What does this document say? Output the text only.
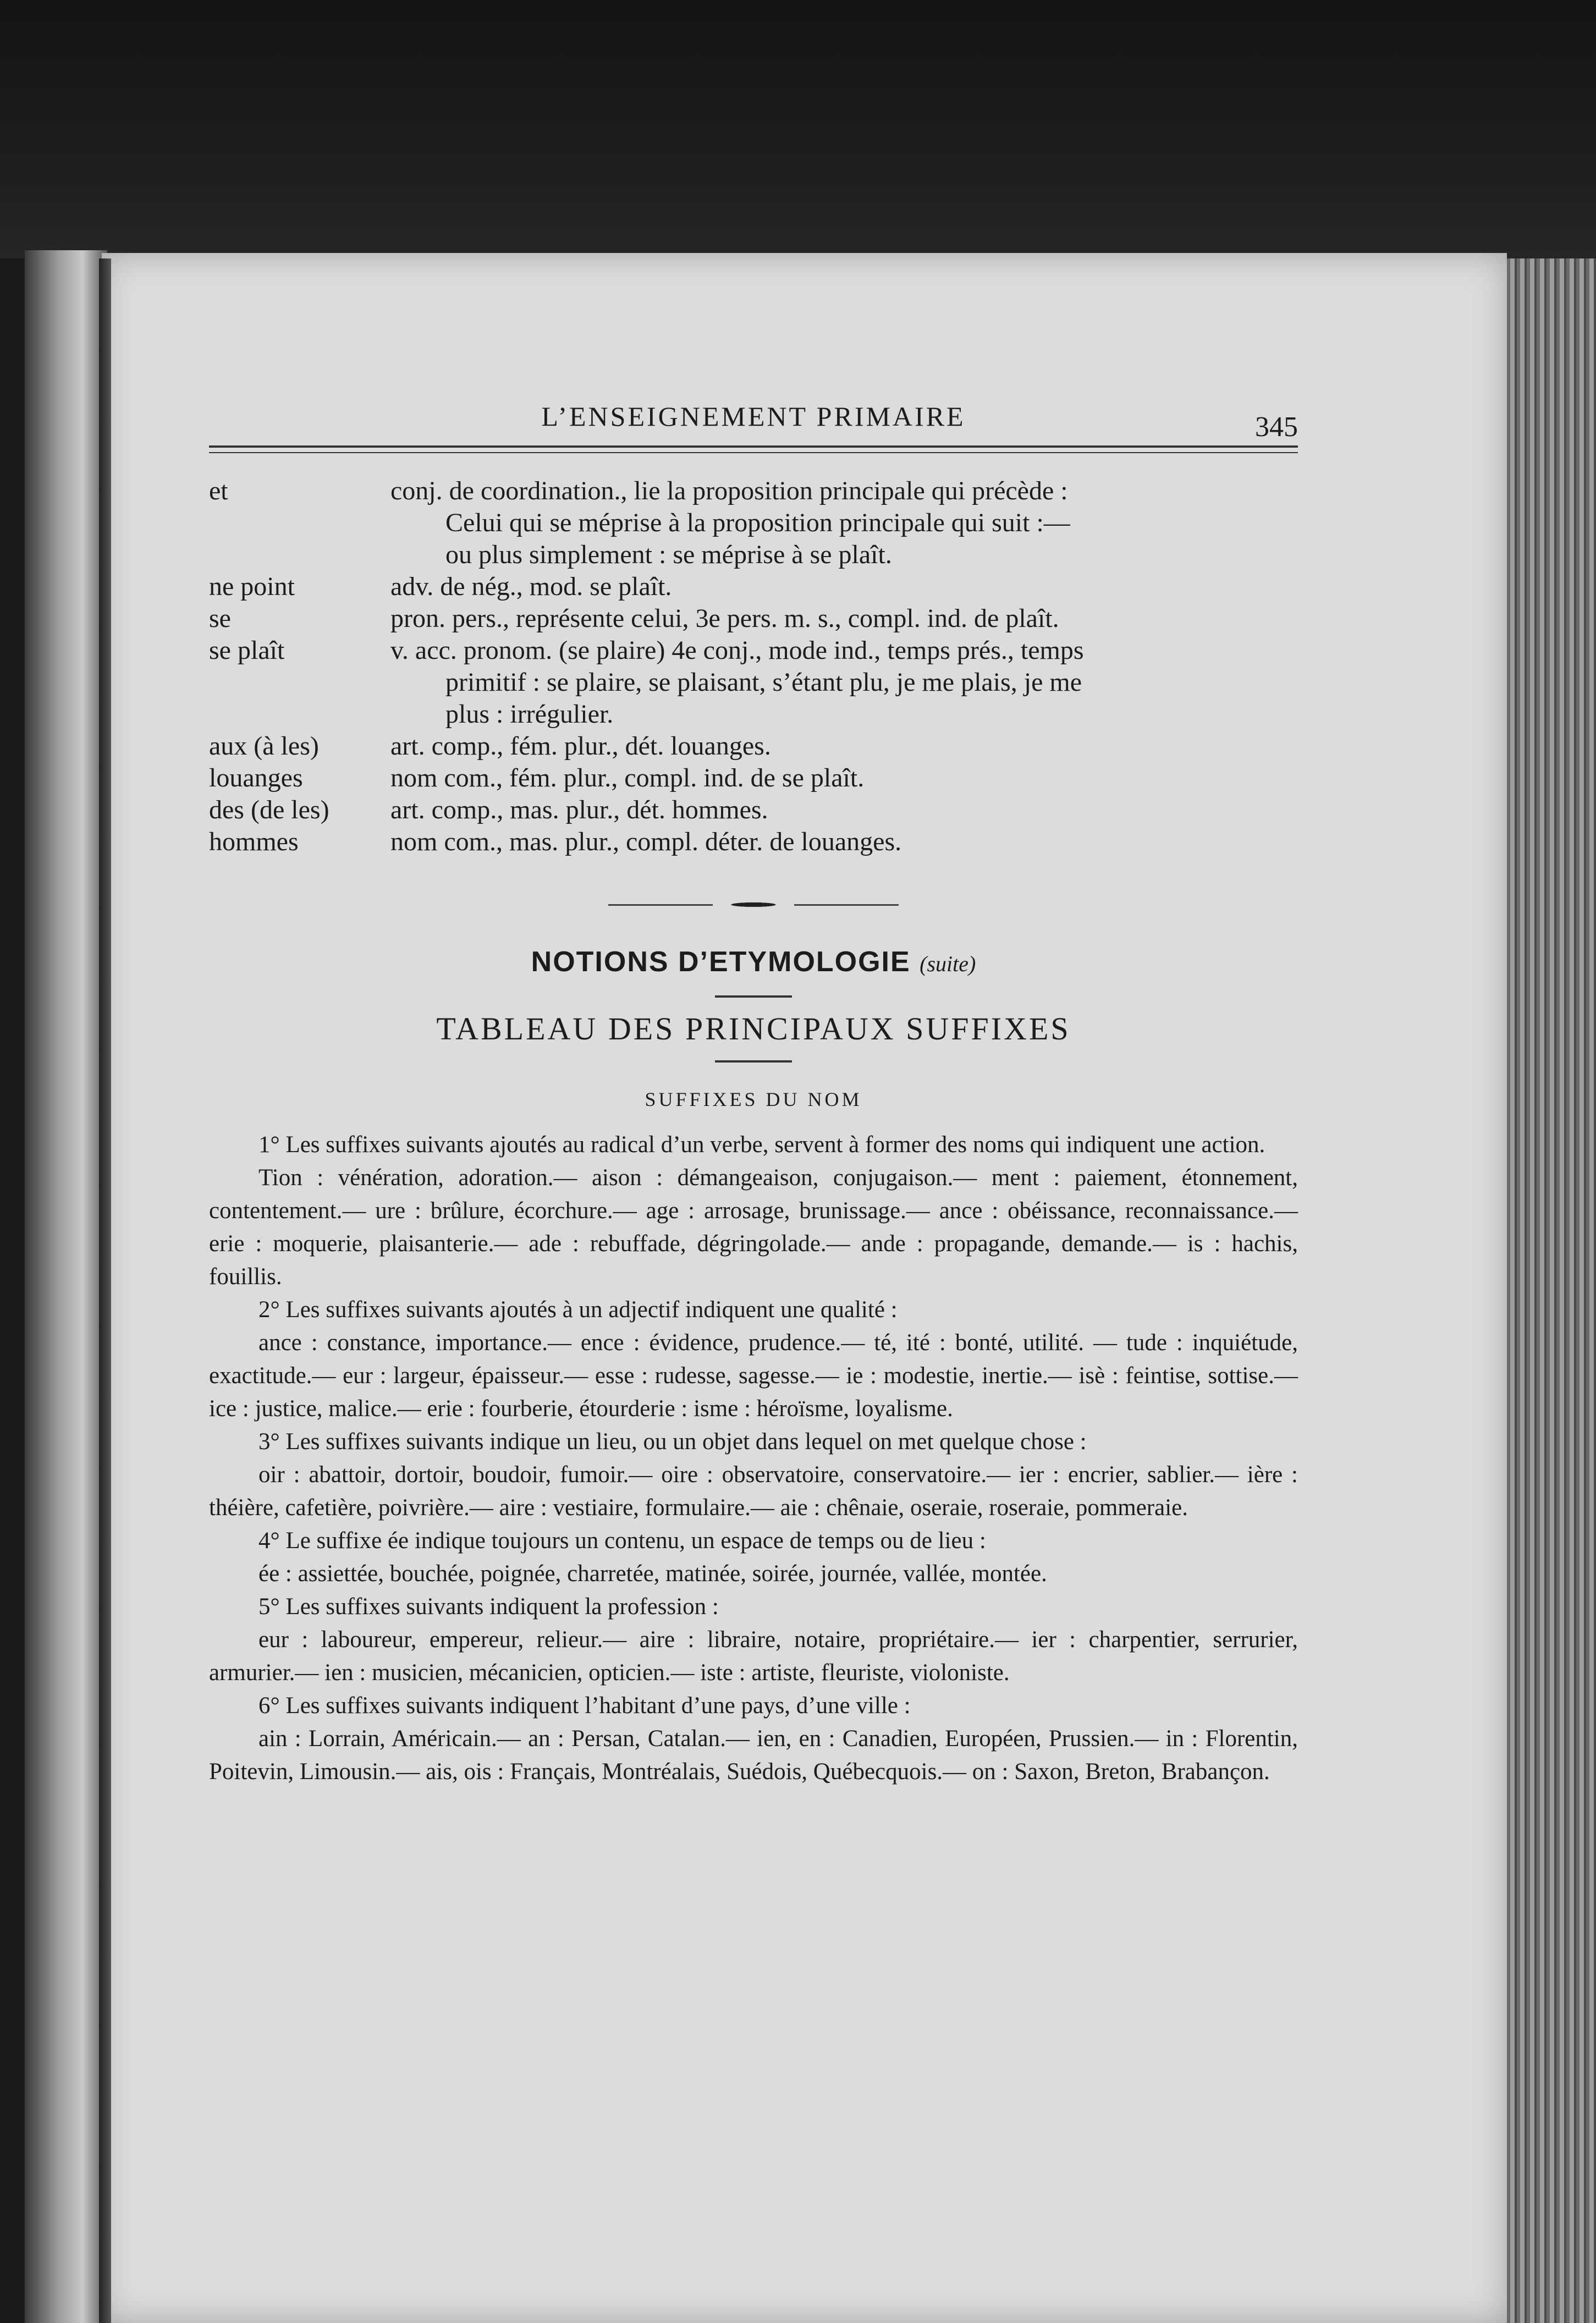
L’ENSEIGNEMENT PRIMAIRE	345
et	conj. de coordination., lie la proposition principale qui précède :
Celui qui se méprise à la proposition principale qui suit :—
ou plus simplement : se méprise à se plaît.
ne point	adv. de nég., mod. se plaît.
se	pron. pers., représente celui, 3e pers. m. s., compl. ind. de plaît.
se plaît	v. acc. pronom. (se plaire) 4e conj., mode ind., temps prés., temps
primitif : se plaire, se plaisant, s’étant plu, je me plais, je me
plus : irrégulier.
aux (à les)	art. comp., fém. plur., dét. louanges.
louanges	nom com., fém. plur., compl. ind. de se plaît.
des (de les)	art. comp., mas. plur., dét. hommes.
hommes	nom com., mas. plur., compl. déter. de louanges.
NOTIONS D’ETYMOLOGIE (suite)
TABLEAU DES PRINCIPAUX SUFFIXES
SUFFIXES DU NOM

1° Les suffixes suivants ajoutés au radical d’un verbe, servent à former des noms qui indiquent une action.

Tion : vénération, adoration.— aison : démangeaison, conjugaison.— ment : paiement, étonnement, contentement.— ure : brûlure, écorchure.— age : arrosage, brunissage.— ance : obéissance, reconnaissance.— erie : moquerie, plaisanterie.— ade : rebuffade, dégringolade.— ande : propagande, demande.— is : hachis, fouillis.

2° Les suffixes suivants ajoutés à un adjectif indiquent une qualité :

ance : constance, importance.— ence : évidence, prudence.— té, ité : bonté, utilité. — tude : inquiétude, exactitude.— eur : largeur, épaisseur.— esse : rudesse, sagesse.— ie : modestie, inertie.— isè : feintise, sottise.— ice : justice, malice.— erie : fourberie, étourderie : isme : héroïsme, loyalisme.

3° Les suffixes suivants indique un lieu, ou un objet dans lequel on met quelque chose :

oir : abattoir, dortoir, boudoir, fumoir.— oire : observatoire, conservatoire.— ier : encrier, sablier.— ière : théière, cafetière, poivrière.— aire : vestiaire, formulaire.— aie : chênaie, oseraie, roseraie, pommeraie.

4° Le suffixe ée indique toujours un contenu, un espace de temps ou de lieu :

ée : assiettée, bouchée, poignée, charretée, matinée, soirée, journée, vallée, montée.

5° Les suffixes suivants indiquent la profession :

eur : laboureur, empereur, relieur.— aire : libraire, notaire, propriétaire.— ier : charpentier, serrurier, armurier.— ien : musicien, mécanicien, opticien.— iste : artiste, fleuriste, violoniste.

6° Les suffixes suivants indiquent l’habitant d’une pays, d’une ville :

ain : Lorrain, Américain.— an : Persan, Catalan.— ien, en : Canadien, Européen, Prussien.— in : Florentin, Poitevin, Limousin.— ais, ois : Français, Montréalais, Suédois, Québecquois.— on : Saxon, Breton, Brabançon.
